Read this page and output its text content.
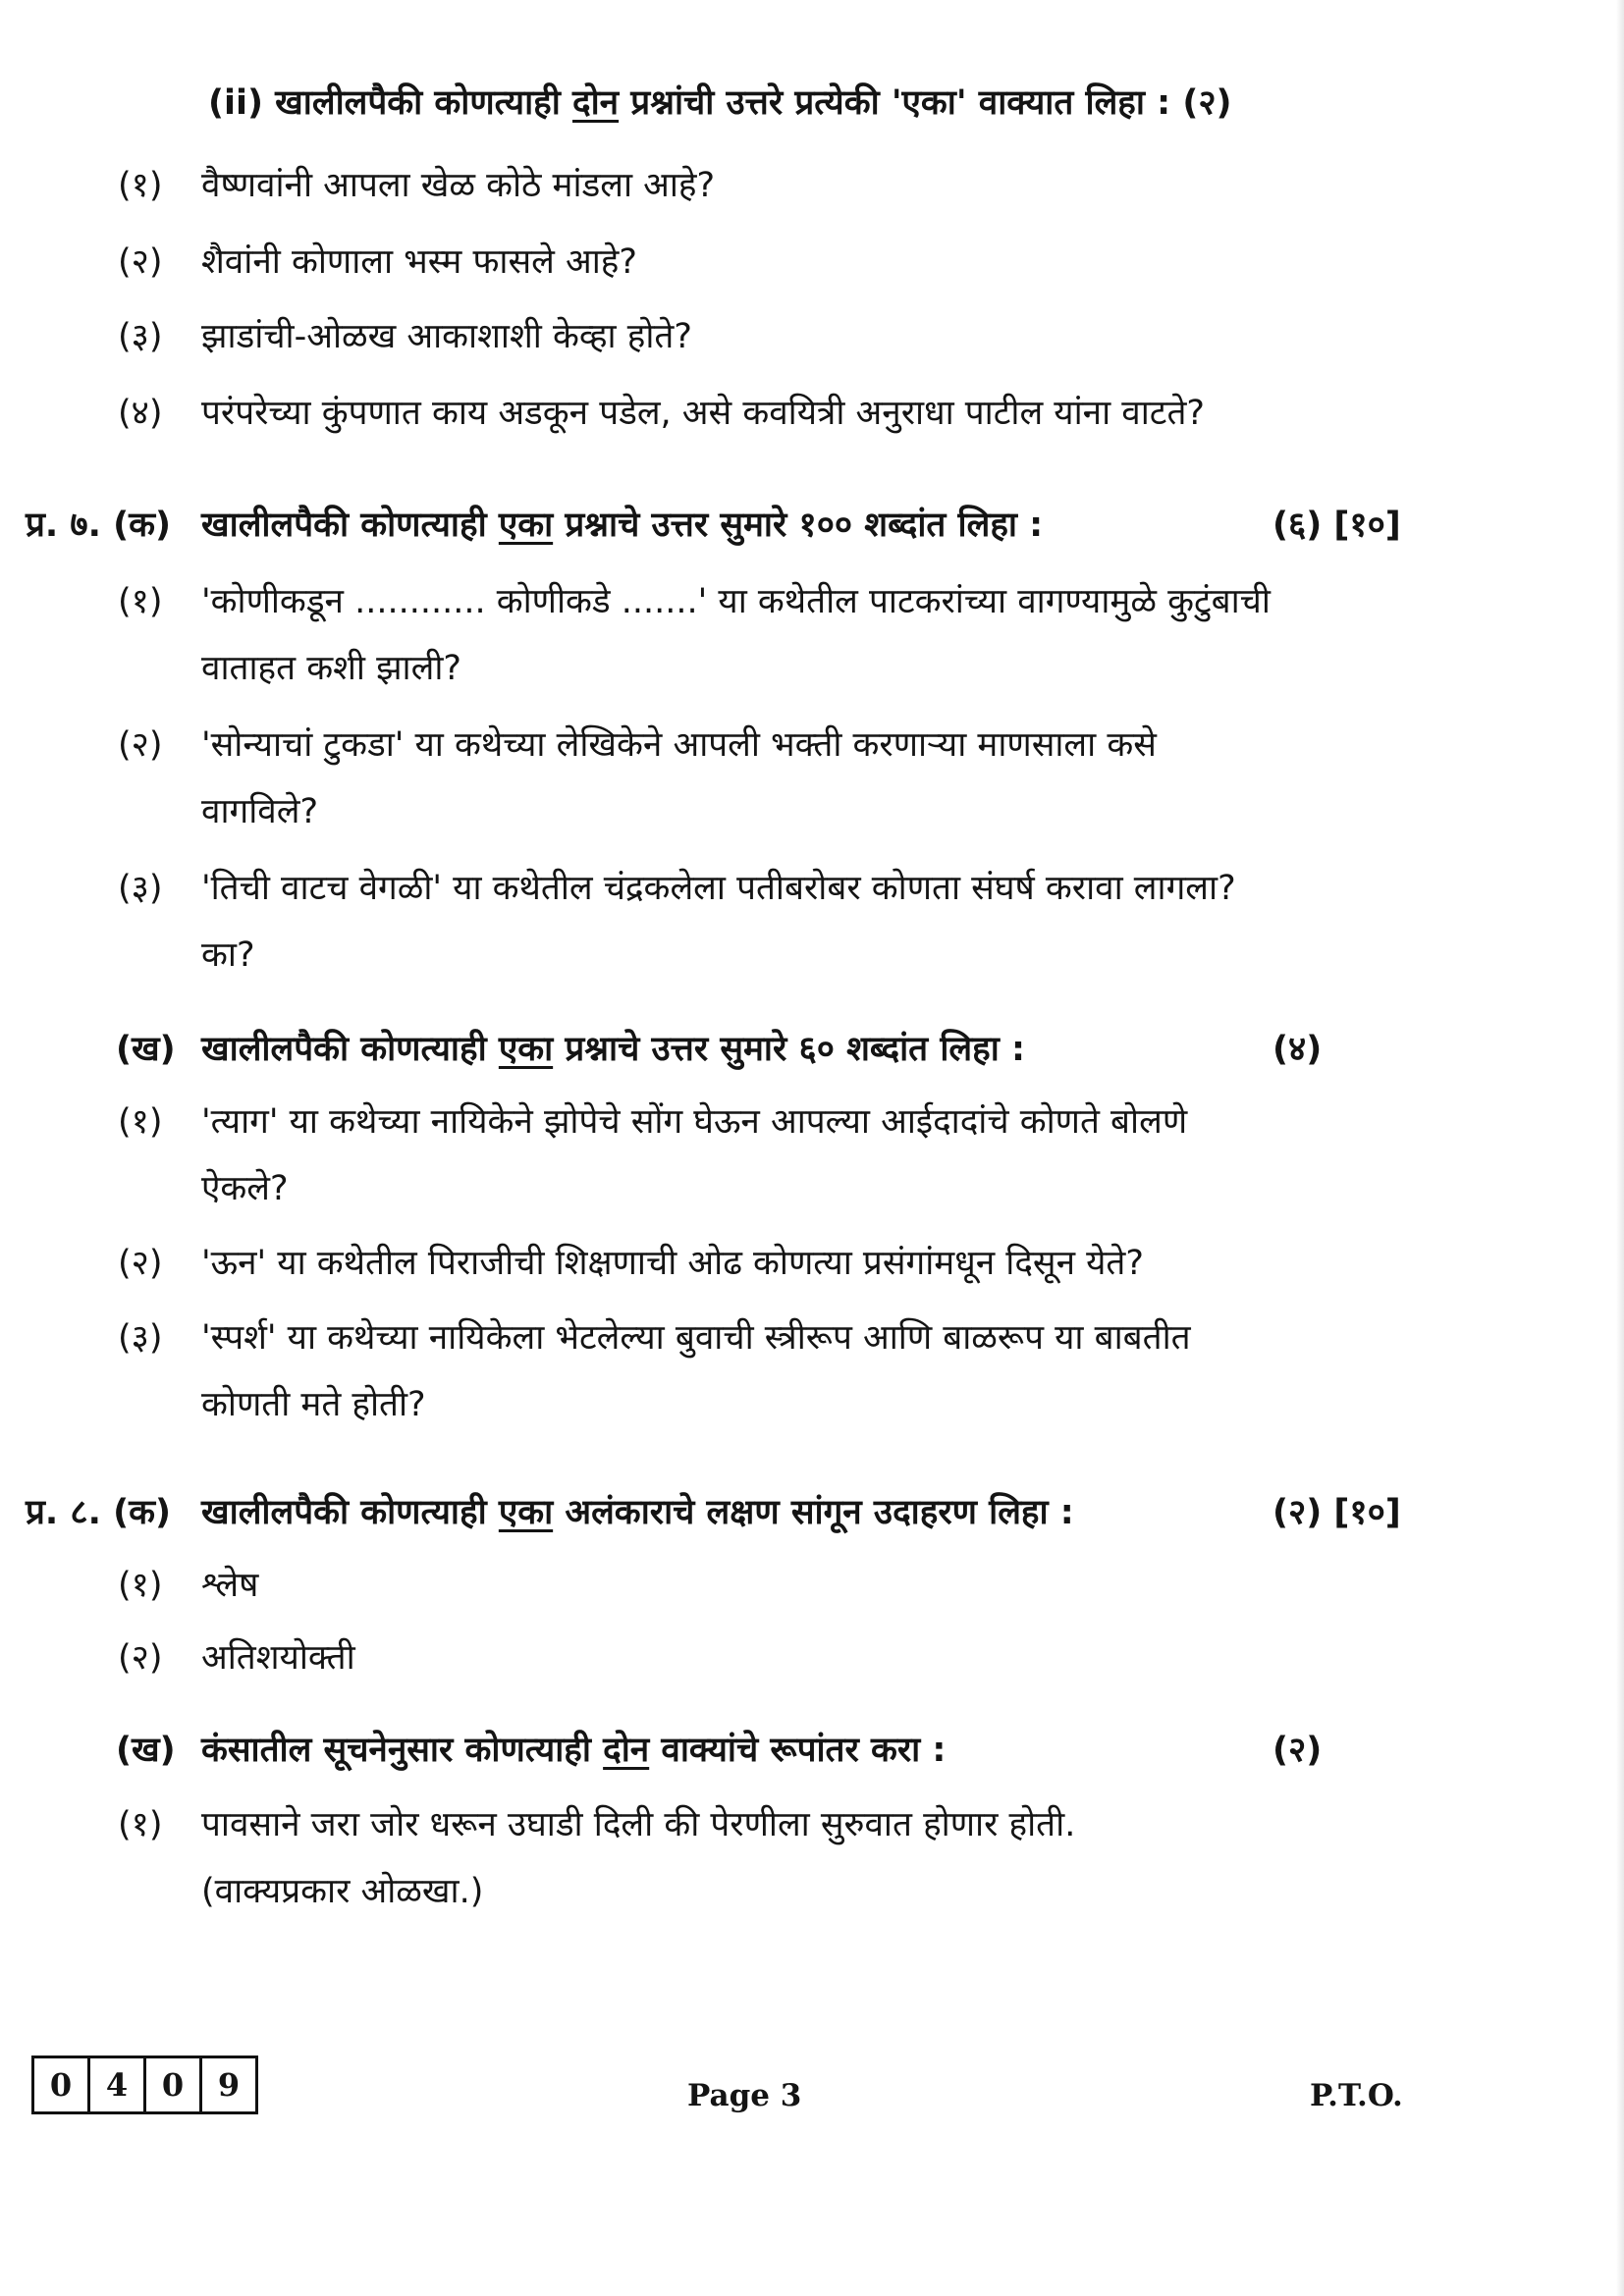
(ii) खालीलपैकी कोणत्याही दोन प्रश्नांची उत्तरे प्रत्येकी 'एका' वाक्यात लिहा : (२)
(१)	वैष्णवांनी आपला खेळ कोठे मांडला आहे?
(२)	शैवांनी कोणाला भस्म फासले आहे?
(३)	झाडांची-ओळख आकाशाशी केव्हा होते?
(४)	परंपरेच्या कुंपणात काय अडकून पडेल, असे कवयित्री अनुराधा पाटील यांना वाटते?
प्र. ७. (क) खालीलपैकी कोणत्याही एका प्रश्नाचे उत्तर सुमारे १०० शब्दांत लिहा :	(६) [१०]
(१)	'कोणीकडून ............ कोणीकडे .......' या कथेतील पाटकरांच्या वागण्यामुळे कुटुंबाची
वाताहत कशी झाली?
(२)	'सोन्याचां टुकडा' या कथेच्या लेखिकेने आपली भक्ती करणाऱ्या माणसाला कसे
वागविले?
(३)	'तिची वाटच वेगळी' या कथेतील चंद्रकलेला पतीबरोबर कोणता संघर्ष करावा लागला?
का?
(ख) खालीलपैकी कोणत्याही एका प्रश्नाचे उत्तर सुमारे ६० शब्दांत लिहा :	(४)
(१)	'त्याग' या कथेच्या नायिकेने झोपेचे सोंग घेऊन आपल्या आईदादांचे कोणते बोलणे
ऐकले?
(२)	'ऊन' या कथेतील पिराजीची शिक्षणाची ओढ कोणत्या प्रसंगांमधून दिसून येते?
(३)	'स्पर्श' या कथेच्या नायिकेला भेटलेल्या बुवाची स्त्रीरूप आणि बाळरूप या बाबतीत
कोणती मते होती?
प्र. ८. (क) खालीलपैकी कोणत्याही एका अलंकाराचे लक्षण सांगून उदाहरण लिहा :	(२) [१०]
(१)	श्लेष
(२)	अतिशयोक्ती
(ख) कंसातील सूचनेनुसार कोणत्याही दोन वाक्यांचे रूपांतर करा :	(२)
(१)	पावसाने जरा जोर धरून उघाडी दिली की पेरणीला सुरुवात होणार होती.
(वाक्यप्रकार ओळखा.)
0	4	0	9	Page 3	P.T.O.
